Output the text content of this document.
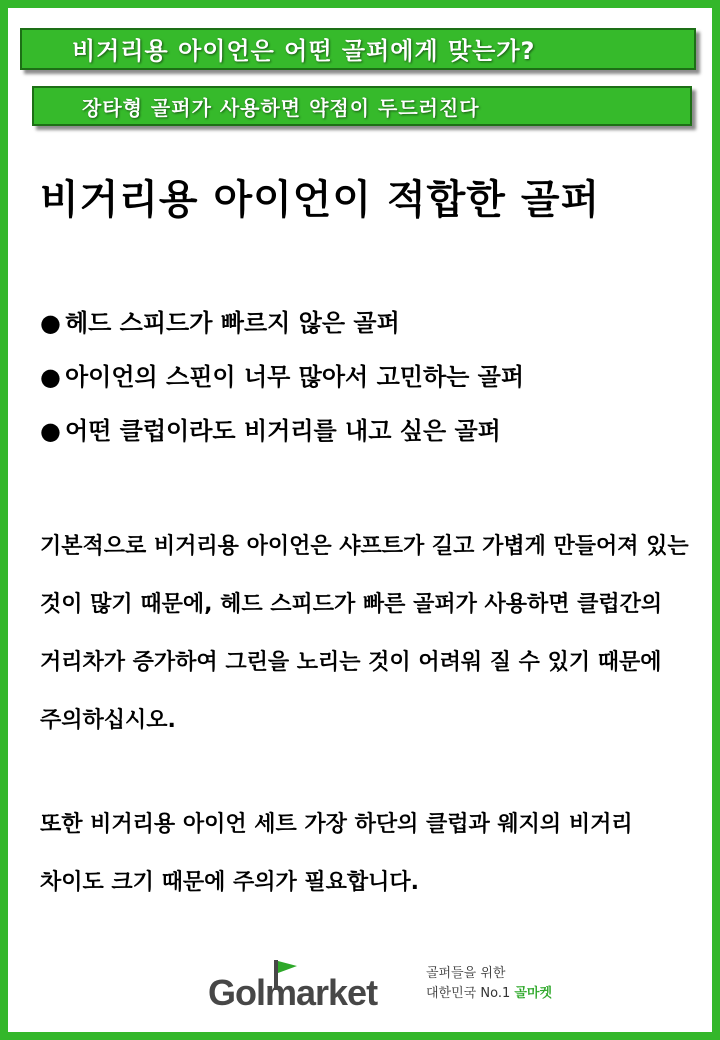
비거리용 아이언은 어떤 골퍼에게 맞는가?
장타형 골퍼가 사용하면 약점이 두드러진다
비거리용 아이언이 적합한 골퍼
● 헤드 스피드가 빠르지 않은 골퍼
● 아이언의 스핀이 너무 많아서 고민하는 골퍼
● 어떤 클럽이라도 비거리를 내고 싶은 골퍼

기본적으로 비거리용 아이언은 샤프트가 길고 가볍게 만들어져 있는 것이 많기 때문에, 헤드 스피드가 빠른 골퍼가 사용하면 클럽간의 거리차가 증가하여 그린을 노리는 것이 어려워 질 수 있기 때문에 주의하십시오.

또한 비거리용 아이언 세트 가장 하단의 클럽과 웨지의 비거리 차이도 크기 때문에 주의가 필요합니다.

Golmarket	골퍼들을 위한
대한민국 No.1 골마켓
